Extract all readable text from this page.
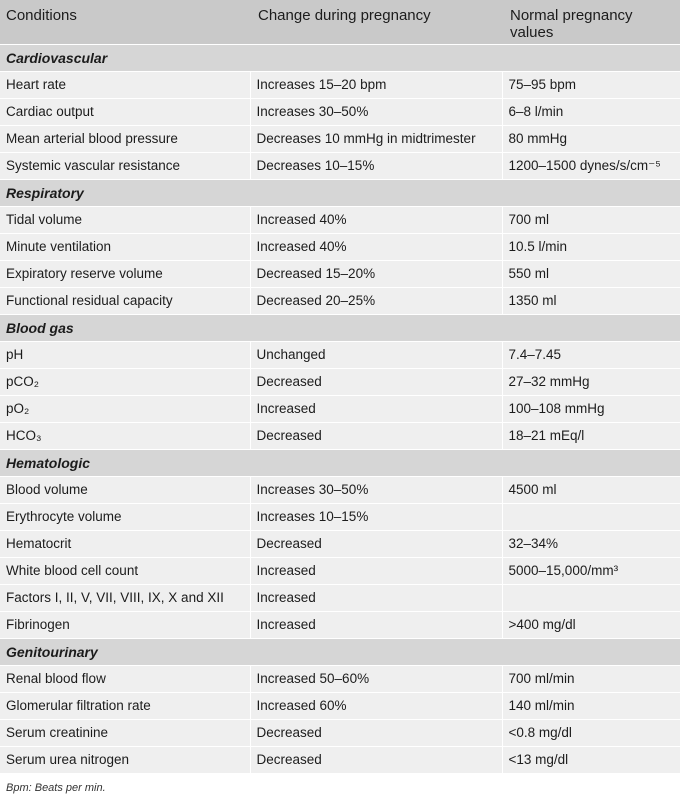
Conditions	Change during pregnancy	Normal pregnancy values
Cardiovascular		
Heart rate	Increases 15–20 bpm	75–95 bpm
Cardiac output	Increases 30–50%	6–8 l/min
Mean arterial blood pressure	Decreases 10 mmHg in midtrimester	80 mmHg
Systemic vascular resistance	Decreases 10–15%	1200–1500 dynes/s/cm⁻⁵
Respiratory		
Tidal volume	Increased 40%	700 ml
Minute ventilation	Increased 40%	10.5 l/min
Expiratory reserve volume	Decreased 15–20%	550 ml
Functional residual capacity	Decreased 20–25%	1350 ml
Blood gas		
pH	Unchanged	7.4–7.45
pCO₂	Decreased	27–32 mmHg
pO₂	Increased	100–108 mmHg
HCO₃	Decreased	18–21 mEq/l
Hematologic		
Blood volume	Increases 30–50%	4500 ml
Erythrocyte volume	Increases 10–15%	
Hematocrit	Decreased	32–34%
White blood cell count	Increased	5000–15,000/mm³
Factors I, II, V, VII, VIII, IX, X and XII	Increased	
Fibrinogen	Increased	>400 mg/dl
Genitourinary		
Renal blood flow	Increased 50–60%	700 ml/min
Glomerular filtration rate	Increased 60%	140 ml/min
Serum creatinine	Decreased	<0.8 mg/dl
Serum urea nitrogen	Decreased	<13 mg/dl
Bpm: Beats per min.
